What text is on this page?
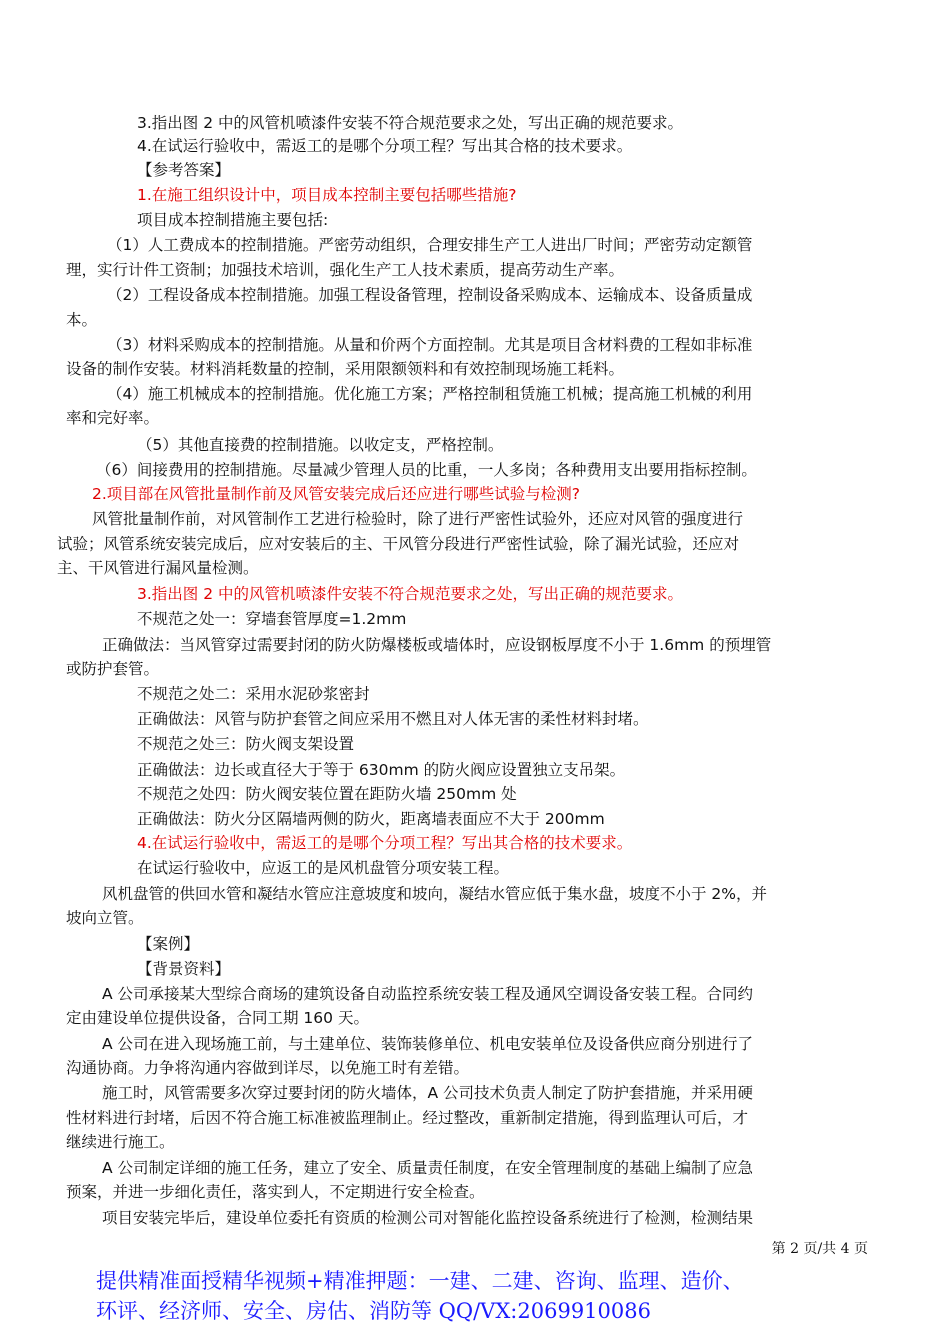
3.指出图 2 中的风管机喷漆件安装不符合规范要求之处，写出正确的规范要求。
4.在试运行验收中，需返工的是哪个分项工程？写出其合格的技术要求。
【参考答案】
1.在施工组织设计中，项目成本控制主要包括哪些措施?
项目成本控制措施主要包括:
（1）人工费成本的控制措施。严密劳动组织，合理安排生产工人进出厂时间；严密劳动定额管
理，实行计件工资制；加强技术培训，强化生产工人技术素质，提高劳动生产率。
（2）工程设备成本控制措施。加强工程设备管理，控制设备采购成本、运输成本、设备质量成
本。
（3）材料采购成本的控制措施。从量和价两个方面控制。尤其是项目含材料费的工程如非标准
设备的制作安装。材料消耗数量的控制，采用限额领料和有效控制现场施工耗料。
（4）施工机械成本的控制措施。优化施工方案；严格控制租赁施工机械；提高施工机械的利用
率和完好率。
（5）其他直接费的控制措施。以收定支，严格控制。
（6）间接费用的控制措施。尽量减少管理人员的比重，一人多岗；各种费用支出要用指标控制。
2.项目部在风管批量制作前及风管安装完成后还应进行哪些试验与检测?
风管批量制作前，对风管制作工艺进行检验时，除了进行严密性试验外，还应对风管的强度进行
试验；风管系统安装完成后，应对安装后的主、干风管分段进行严密性试验，除了漏光试验，还应对
主、干风管进行漏风量检测。
3.指出图 2 中的风管机喷漆件安装不符合规范要求之处，写出正确的规范要求。
不规范之处一：穿墙套管厚度=1.2mm
正确做法：当风管穿过需要封闭的防火防爆楼板或墙体时，应设钢板厚度不小于 1.6mm 的预埋管
或防护套管。
不规范之处二：采用水泥砂浆密封
正确做法：风管与防护套管之间应采用不燃且对人体无害的柔性材料封堵。
不规范之处三：防火阀支架设置
正确做法：边长或直径大于等于 630mm 的防火阀应设置独立支吊架。
不规范之处四：防火阀安装位置在距防火墙 250mm 处
正确做法：防火分区隔墙两侧的防火，距离墙表面应不大于 200mm
4.在试运行验收中，需返工的是哪个分项工程？写出其合格的技术要求。
在试运行验收中，应返工的是风机盘管分项安装工程。
风机盘管的供回水管和凝结水管应注意坡度和坡向，凝结水管应低于集水盘，坡度不小于 2%，并
坡向立管。
【案例】
【背景资料】
A 公司承接某大型综合商场的建筑设备自动监控系统安装工程及通风空调设备安装工程。合同约
定由建设单位提供设备，合同工期 160 天。
A 公司在进入现场施工前，与土建单位、装饰装修单位、机电安装单位及设备供应商分别进行了
沟通协商。力争将沟通内容做到详尽，以免施工时有差错。
施工时，风管需要多次穿过要封闭的防火墙体，A 公司技术负责人制定了防护套措施，并采用硬
性材料进行封堵，后因不符合施工标准被监理制止。经过整改，重新制定措施，得到监理认可后，才
继续进行施工。
A 公司制定详细的施工任务，建立了安全、质量责任制度，在安全管理制度的基础上编制了应急
预案，并进一步细化责任，落实到人，不定期进行安全检查。
项目安装完毕后，建设单位委托有资质的检测公司对智能化监控设备系统进行了检测，检测结果
第 2 页/共 4 页
提供精准面授精华视频+精准押题：一建、二建、咨询、监理、造价、
环评、经济师、安全、房估、消防等 QQ/VX:2069910086
